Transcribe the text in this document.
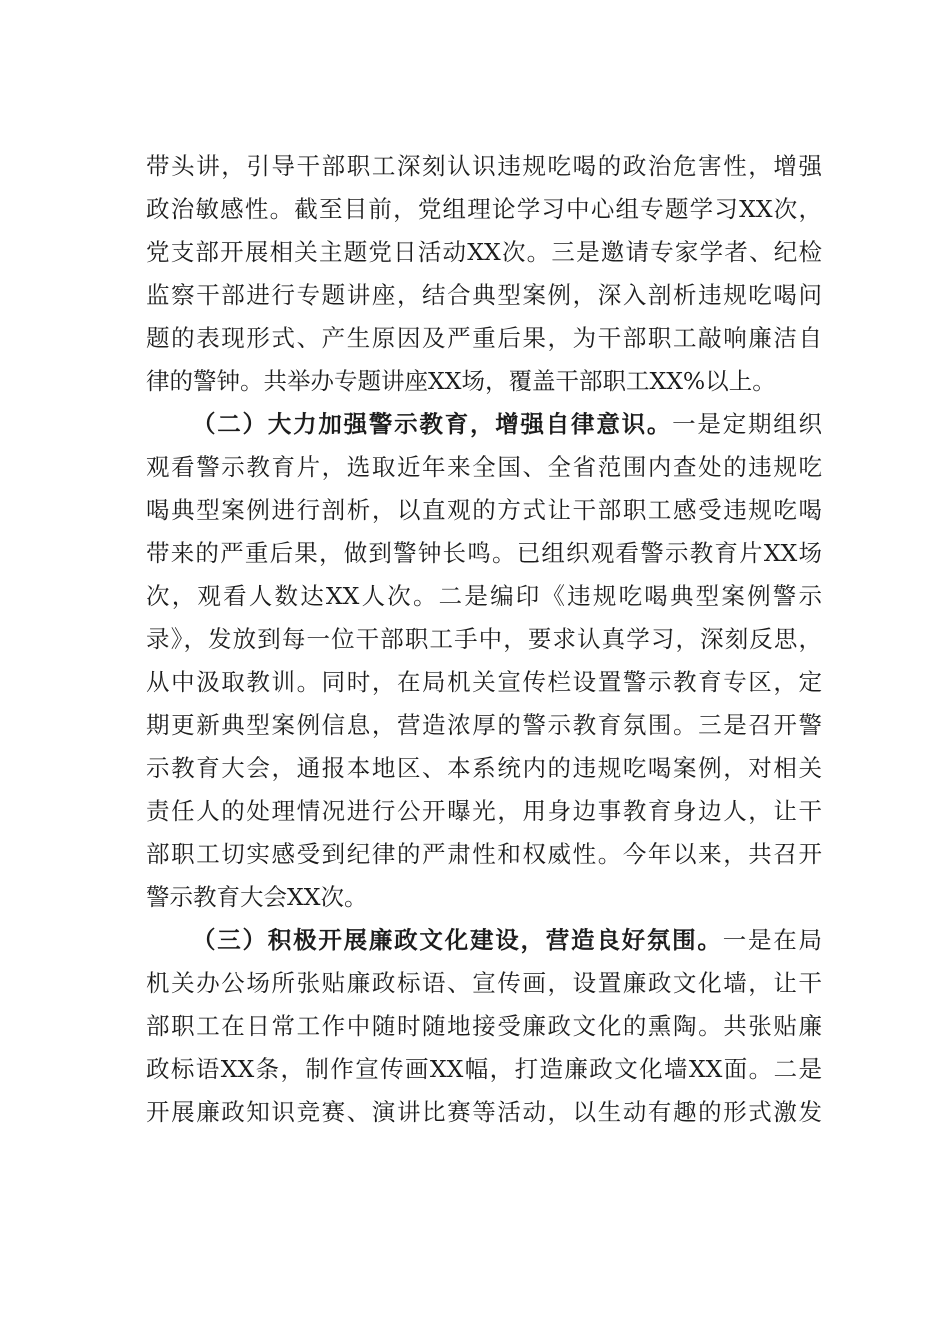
带头讲，引导干部职工深刻认识违规吃喝的政治危害性，增强
政治敏感性。截至目前，党组理论学习中心组专题学习XX次，
党支部开展相关主题党日活动XX次。三是邀请专家学者、纪检
监察干部进行专题讲座，结合典型案例，深入剖析违规吃喝问
题的表现形式、产生原因及严重后果，为干部职工敲响廉洁自
律的警钟。共举办专题讲座XX场，覆盖干部职工XX%以上。
（二）大力加强警示教育，增强自律意识。一是定期组织
观看警示教育片，选取近年来全国、全省范围内查处的违规吃
喝典型案例进行剖析，以直观的方式让干部职工感受违规吃喝
带来的严重后果，做到警钟长鸣。已组织观看警示教育片XX场
次，观看人数达XX人次。二是编印《违规吃喝典型案例警示
录》，发放到每一位干部职工手中，要求认真学习，深刻反思，
从中汲取教训。同时，在局机关宣传栏设置警示教育专区，定
期更新典型案例信息，营造浓厚的警示教育氛围。三是召开警
示教育大会，通报本地区、本系统内的违规吃喝案例，对相关
责任人的处理情况进行公开曝光，用身边事教育身边人，让干
部职工切实感受到纪律的严肃性和权威性。今年以来，共召开
警示教育大会XX次。
（三）积极开展廉政文化建设，营造良好氛围。一是在局
机关办公场所张贴廉政标语、宣传画，设置廉政文化墙，让干
部职工在日常工作中随时随地接受廉政文化的熏陶。共张贴廉
政标语XX条，制作宣传画XX幅，打造廉政文化墙XX面。二是
开展廉政知识竞赛、演讲比赛等活动，以生动有趣的形式激发
